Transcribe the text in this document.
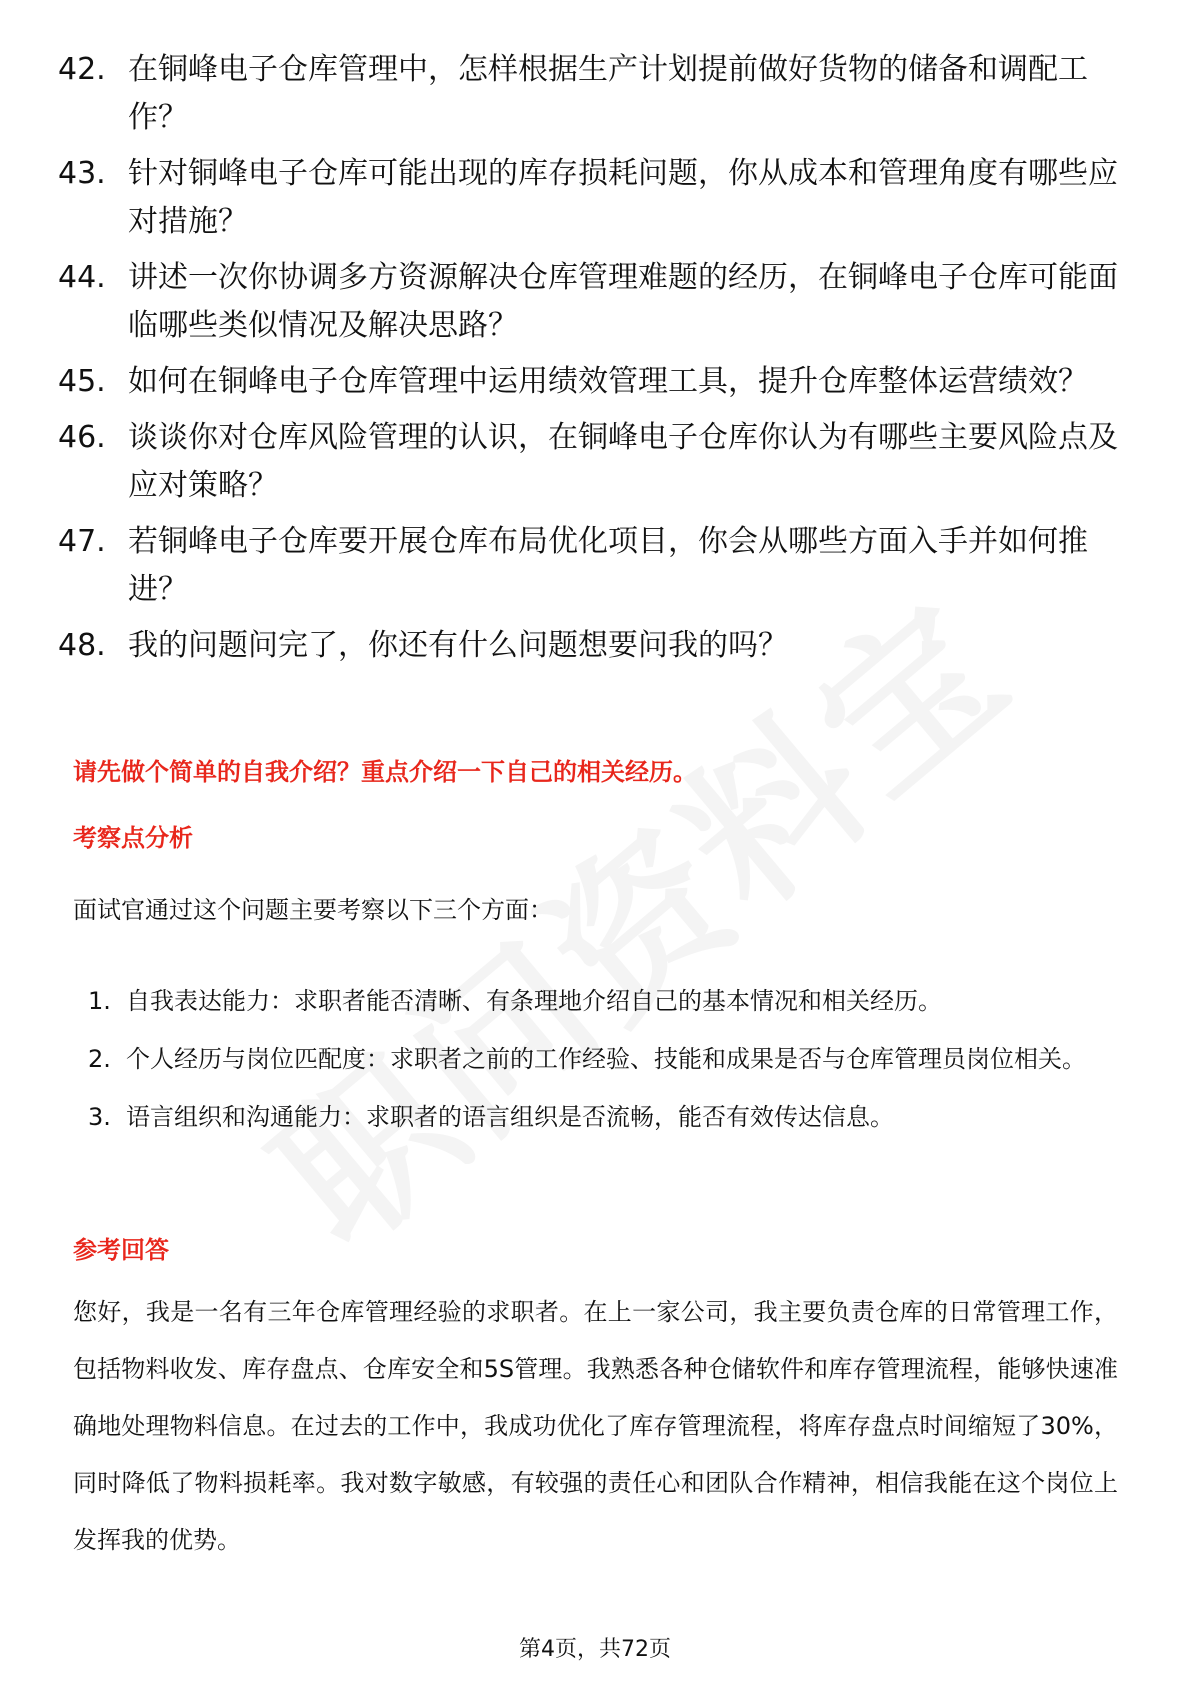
42. 在铜峰电子仓库管理中，怎样根据生产计划提前做好货物的储备和调配工作？
43. 针对铜峰电子仓库可能出现的库存损耗问题，你从成本和管理角度有哪些应对措施？
44. 讲述一次你协调多方资源解决仓库管理难题的经历，在铜峰电子仓库可能面临哪些类似情况及解决思路？
45. 如何在铜峰电子仓库管理中运用绩效管理工具，提升仓库整体运营绩效？
46. 谈谈你对仓库风险管理的认识，在铜峰电子仓库你认为有哪些主要风险点及应对策略？
47. 若铜峰电子仓库要开展仓库布局优化项目，你会从哪些方面入手并如何推进？
48. 我的问题问完了，你还有什么问题想要问我的吗？
请先做个简单的自我介绍？重点介绍一下自己的相关经历。
考察点分析
面试官通过这个问题主要考察以下三个方面：
1. 自我表达能力：求职者能否清晰、有条理地介绍自己的基本情况和相关经历。
2. 个人经历与岗位匹配度：求职者之前的工作经验、技能和成果是否与仓库管理员岗位相关。
3. 语言组织和沟通能力：求职者的语言组织是否流畅，能否有效传达信息。
参考回答

您好，我是一名有三年仓库管理经验的求职者。在上一家公司，我主要负责仓库的日常管理工作，包括物料收发、库存盘点、仓库安全和5S管理。我熟悉各种仓储软件和库存管理流程，能够快速准确地处理物料信息。在过去的工作中，我成功优化了库存管理流程，将库存盘点时间缩短了30%，同时降低了物料损耗率。我对数字敏感，有较强的责任心和团队合作精神，相信我能在这个岗位上发挥我的优势。

第4页，共72页
